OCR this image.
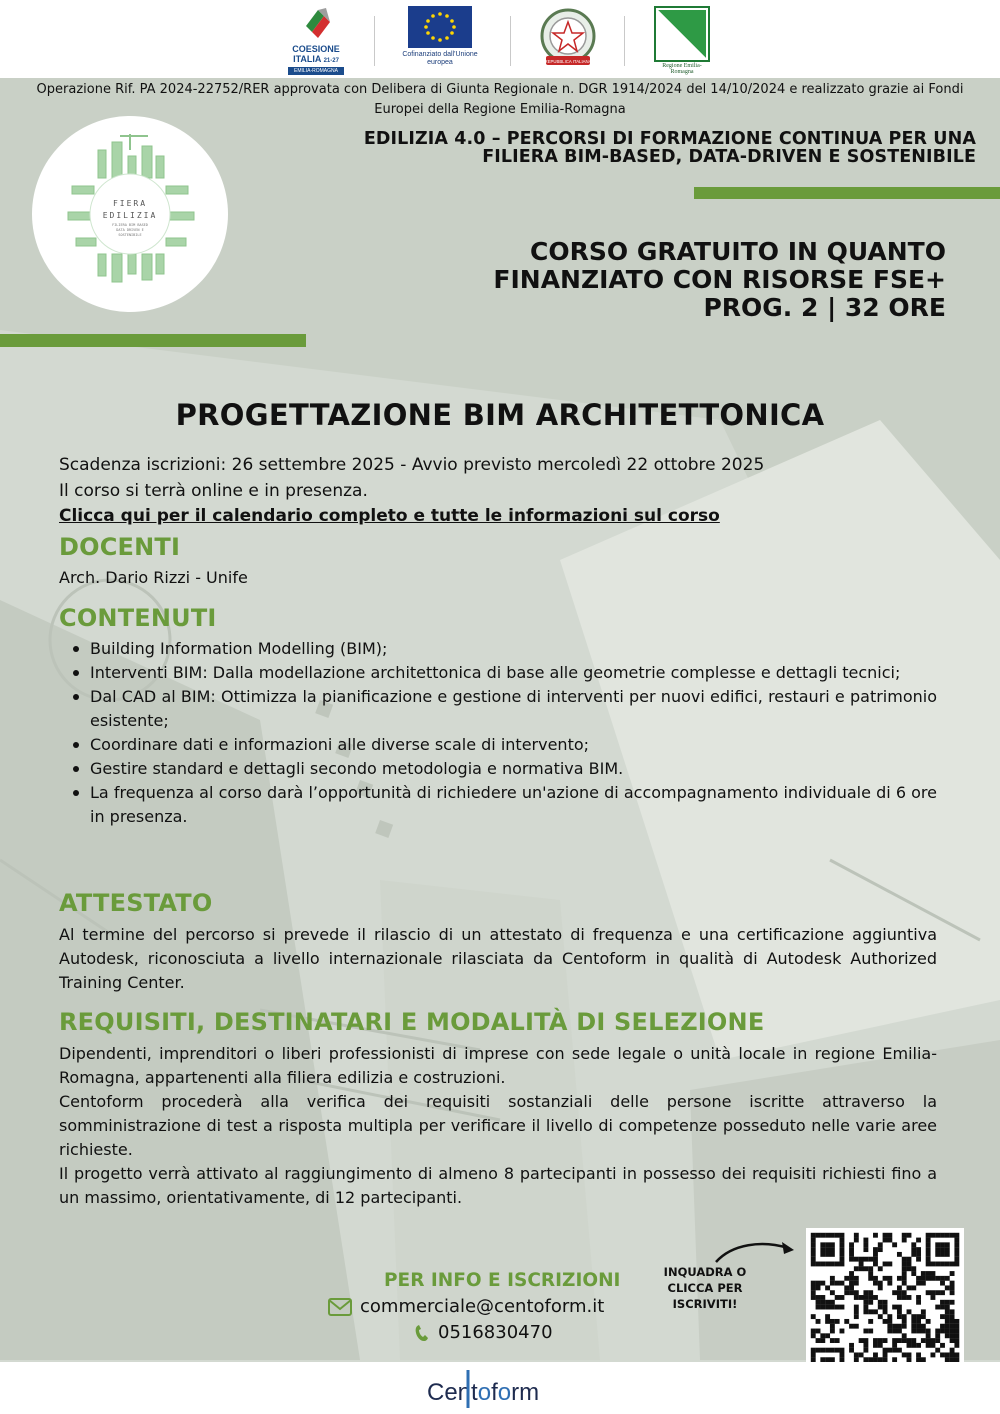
COESIONE ITALIA 21-27
EMILIA-ROMAGNA
Cofinanziato dall'Unione europea	REPUBBLICA ITALIANA
Regione Emilia-Romagna
Operazione Rif. PA 2024-22752/RER approvata con Delibera di Giunta Regionale n. DGR 1914/2024 del 14/10/2024 e realizzato grazie ai Fondi Europei della Regione Emilia-Romagna
EDILIZIA 4.0 – PERCORSI DI FORMAZIONE CONTINUA PER UNA
FILIERA BIM-BASED, DATA-DRIVEN E SOSTENIBILE
FIERA
EDILIZIA
FILIERA BIM BASED
DATA DRIVEN E
SOSTENIBILE
CORSO GRATUITO IN QUANTO
FINANZIATO CON RISORSE FSE+
PROG. 2 | 32 ORE
PROGETTAZIONE BIM ARCHITETTONICA
Scadenza iscrizioni: 26 settembre 2025 - Avvio previsto mercoledì 22 ottobre 2025
Il corso si terrà online e in presenza.
Clicca qui per il calendario completo e tutte le informazioni sul corso
DOCENTI
Arch. Dario Rizzi - Unife
CONTENUTI
Building Information Modelling (BIM);
Interventi BIM: Dalla modellazione architettonica di base alle geometrie complesse e dettagli tecnici;
Dal CAD al BIM: Ottimizza la pianificazione e gestione di interventi per nuovi edifici, restauri e patrimonio esistente;
Coordinare dati e informazioni alle diverse scale di intervento;
Gestire standard e dettagli secondo metodologia e normativa BIM.
La frequenza al corso darà l’opportunità di richiedere un'azione di accompagnamento individuale di 6 ore in presenza.
ATTESTATO
Al termine del percorso si prevede il rilascio di un attestato di frequenza e una certificazione aggiuntiva Autodesk, riconosciuta a livello internazionale rilasciata da Centoform in qualità di Autodesk Authorized Training Center.
REQUISITI, DESTINATARI E MODALITÀ DI SELEZIONE
Dipendenti, imprenditori o liberi professionisti di imprese con sede legale o unità locale in regione Emilia-Romagna, appartenenti alla filiera edilizia e costruzioni.
Centoform procederà alla verifica dei requisiti sostanziali delle persone iscritte attraverso la somministrazione di test a risposta multipla per verificare il livello di competenze posseduto nelle varie aree richieste.
Il progetto verrà attivato al raggiungimento di almeno 8 partecipanti in possesso dei requisiti richiesti fino a un massimo, orientativamente, di 12 partecipanti.
PER INFO E ISCRIZIONI
commerciale@centoform.it
0516830470
INQUADRA O
CLICCA PER
ISCRIVITI!
Centoform
